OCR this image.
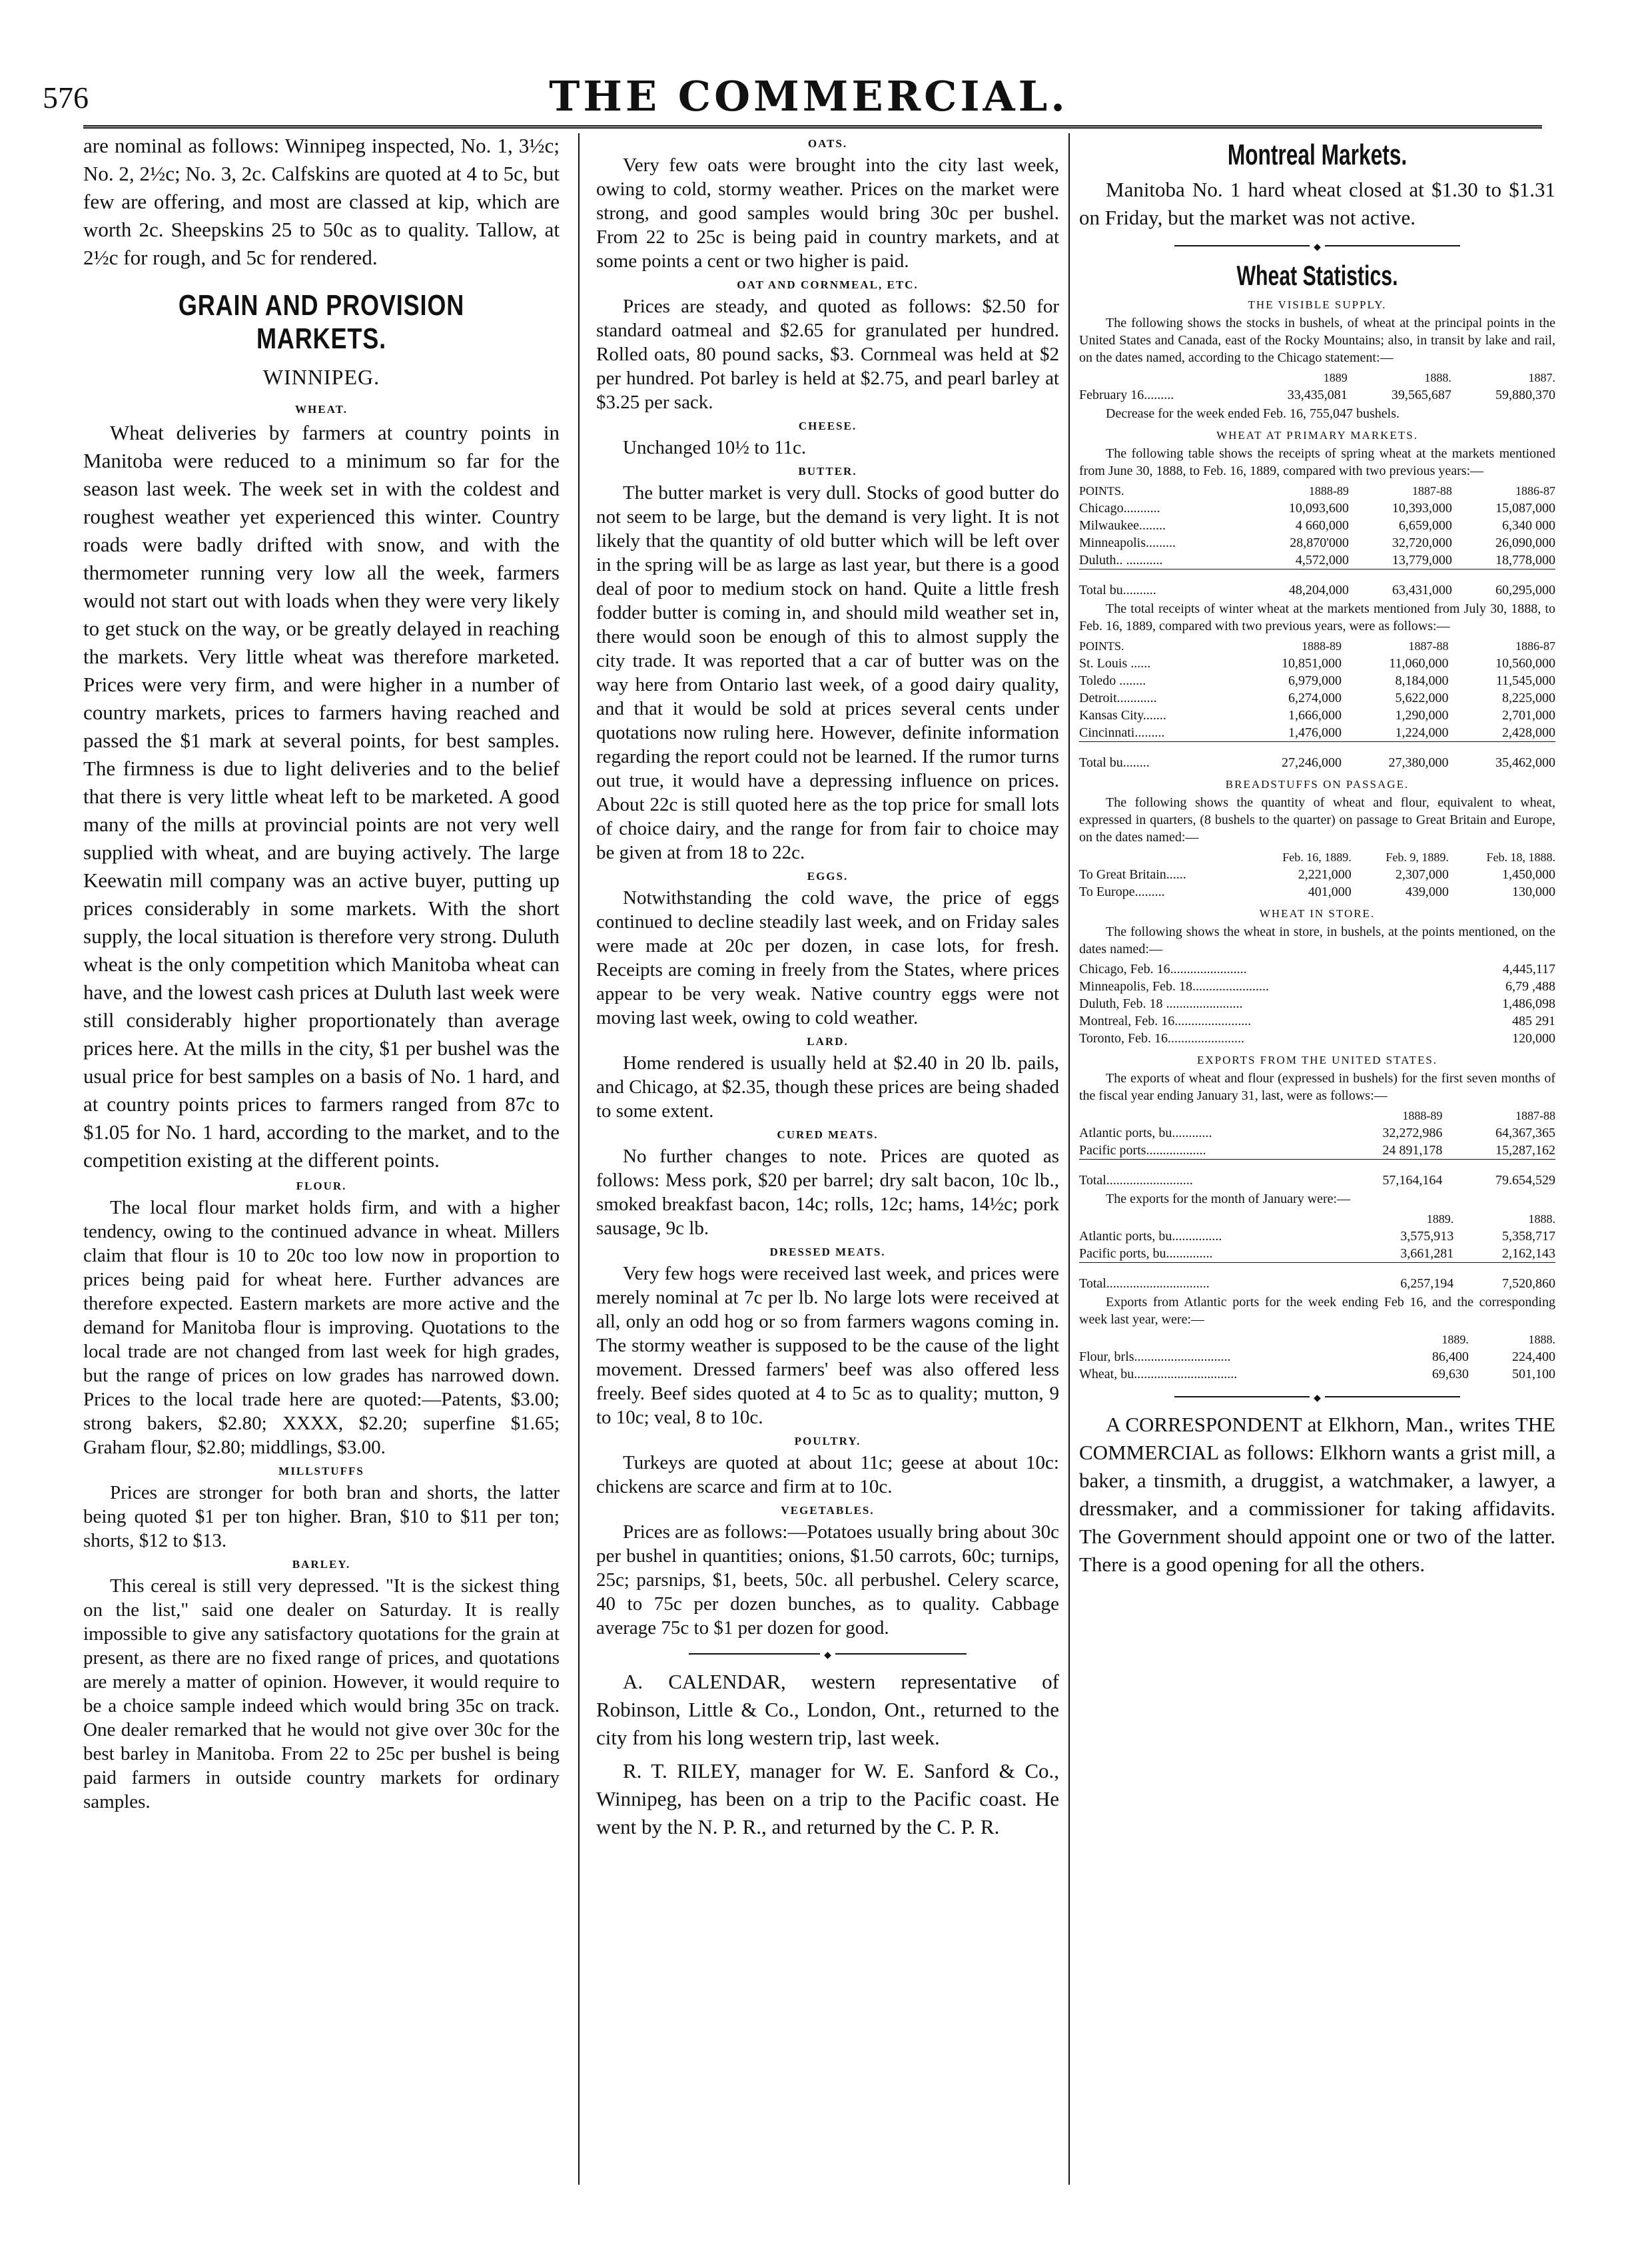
576	THE COMMERCIAL.

are nominal as follows: Winnipeg inspected, No. 1, 3½c; No. 2, 2½c; No. 3, 2c. Calfskins are quoted at 4 to 5c, but few are offering, and most are classed at kip, which are worth 2c. Sheepskins 25 to 50c as to quality. Tallow, at 2½c for rough, and 5c for rendered.

GRAIN AND PROVISION MARKETS.
WINNIPEG.
WHEAT.

Wheat deliveries by farmers at country points in Manitoba were reduced to a minimum so far for the season last week. The week set in with the coldest and roughest weather yet experienced this winter. Country roads were badly drifted with snow, and with the thermometer running very low all the week, farmers would not start out with loads when they were very likely to get stuck on the way, or be greatly delayed in reaching the markets. Very little wheat was therefore marketed. Prices were very firm, and were higher in a number of country markets, prices to farmers having reached and passed the $1 mark at several points, for best samples. The firmness is due to light deliveries and to the belief that there is very little wheat left to be marketed. A good many of the mills at provincial points are not very well supplied with wheat, and are buying actively. The large Keewatin mill company was an active buyer, putting up prices considerably in some markets. With the short supply, the local situation is therefore very strong. Duluth wheat is the only competition which Manitoba wheat can have, and the lowest cash prices at Duluth last week were still considerably higher proportionately than average prices here. At the mills in the city, $1 per bushel was the usual price for best samples on a basis of No. 1 hard, and at country points prices to farmers ranged from 87c to $1.05 for No. 1 hard, according to the market, and to the competition existing at the different points.

FLOUR.

The local flour market holds firm, and with a higher tendency, owing to the continued advance in wheat. Millers claim that flour is 10 to 20c too low now in proportion to prices being paid for wheat here. Further advances are therefore expected. Eastern markets are more active and the demand for Manitoba flour is improving. Quotations to the local trade are not changed from last week for high grades, but the range of prices on low grades has narrowed down. Prices to the local trade here are quoted:—Patents, $3.00; strong bakers, $2.80; XXXX, $2.20; superfine $1.65; Graham flour, $2.80; middlings, $3.00.

MILLSTUFFS

Prices are stronger for both bran and shorts, the latter being quoted $1 per ton higher. Bran, $10 to $11 per ton; shorts, $12 to $13.

BARLEY.

This cereal is still very depressed. "It is the sickest thing on the list," said one dealer on Saturday. It is really impossible to give any satisfactory quotations for the grain at present, as there are no fixed range of prices, and quotations are merely a matter of opinion. However, it would require to be a choice sample indeed which would bring 35c on track. One dealer remarked that he would not give over 30c for the best barley in Manitoba. From 22 to 25c per bushel is being paid farmers in outside country markets for ordinary samples.

OATS.

Very few oats were brought into the city last week, owing to cold, stormy weather. Prices on the market were strong, and good samples would bring 30c per bushel. From 22 to 25c is being paid in country markets, and at some points a cent or two higher is paid.

OAT AND CORNMEAL, ETC.

Prices are steady, and quoted as follows: $2.50 for standard oatmeal and $2.65 for granulated per hundred. Rolled oats, 80 pound sacks, $3. Cornmeal was held at $2 per hundred. Pot barley is held at $2.75, and pearl barley at $3.25 per sack.

CHEESE.

Unchanged 10½ to 11c.

BUTTER.

The butter market is very dull. Stocks of good butter do not seem to be large, but the demand is very light. It is not likely that the quantity of old butter which will be left over in the spring will be as large as last year, but there is a good deal of poor to medium stock on hand. Quite a little fresh fodder butter is coming in, and should mild weather set in, there would soon be enough of this to almost supply the city trade. It was reported that a car of butter was on the way here from Ontario last week, of a good dairy quality, and that it would be sold at prices several cents under quotations now ruling here. However, definite information regarding the report could not be learned. If the rumor turns out true, it would have a depressing influence on prices. About 22c is still quoted here as the top price for small lots of choice dairy, and the range for from fair to choice may be given at from 18 to 22c.

EGGS.

Notwithstanding the cold wave, the price of eggs continued to decline steadily last week, and on Friday sales were made at 20c per dozen, in case lots, for fresh. Receipts are coming in freely from the States, where prices appear to be very weak. Native country eggs were not moving last week, owing to cold weather.

LARD.

Home rendered is usually held at $2.40 in 20 lb. pails, and Chicago, at $2.35, though these prices are being shaded to some extent.

CURED MEATS.

No further changes to note. Prices are quoted as follows: Mess pork, $20 per barrel; dry salt bacon, 10c lb., smoked breakfast bacon, 14c; rolls, 12c; hams, 14½c; pork sausage, 9c lb.

DRESSED MEATS.

Very few hogs were received last week, and prices were merely nominal at 7c per lb. No large lots were received at all, only an odd hog or so from farmers wagons coming in. The stormy weather is supposed to be the cause of the light movement. Dressed farmers' beef was also offered less freely. Beef sides quoted at 4 to 5c as to quality; mutton, 9 to 10c; veal, 8 to 10c.

POULTRY.

Turkeys are quoted at about 11c; geese at about 10c: chickens are scarce and firm at to 10c.

VEGETABLES.

Prices are as follows:—Potatoes usually bring about 30c per bushel in quantities; onions, $1.50 carrots, 60c; turnips, 25c; parsnips, $1, beets, 50c. all perbushel. Celery scarce, 40 to 75c per dozen bunches, as to quality. Cabbage average 75c to $1 per dozen for good.

◆

A. CALENDAR, western representative of Robinson, Little & Co., London, Ont., returned to the city from his long western trip, last week.

R. T. RILEY, manager for W. E. Sanford & Co., Winnipeg, has been on a trip to the Pacific coast. He went by the N. P. R., and returned by the C. P. R.

Montreal Markets.

Manitoba No. 1 hard wheat closed at $1.30 to $1.31 on Friday, but the market was not active.

◆
Wheat Statistics.
THE VISIBLE SUPPLY.

The following shows the stocks in bushels, of wheat at the principal points in the United States and Canada, east of the Rocky Mountains; also, in transit by lake and rail, on the dates named, according to the Chicago statement:—

	1889	1888.	1887.
February 16.........	33,435,081	39,565,687	59,880,370

Decrease for the week ended Feb. 16, 755,047 bushels.

WHEAT AT PRIMARY MARKETS.

The following table shows the receipts of spring wheat at the markets mentioned from June 30, 1888, to Feb. 16, 1889, compared with two previous years:—

POINTS.	1888-89	1887-88	1886-87
Chicago...........	10,093,600	10,393,000	15,087,000
Milwaukee........	4 660,000	6,659,000	6,340 000
Minneapolis.........	28,870'000	32,720,000	26,090,000
Duluth.. ...........	4,572,000	13,779,000	18,778,000
Total bu..........	48,204,000	63,431,000	60,295,000

The total receipts of winter wheat at the markets mentioned from July 30, 1888, to Feb. 16, 1889, compared with two previous years, were as follows:—

POINTS.	1888-89	1887-88	1886-87
St. Louis ......	10,851,000	11,060,000	10,560,000
Toledo ........	6,979,000	8,184,000	11,545,000
Detroit............	6,274,000	5,622,000	8,225,000
Kansas City.......	1,666,000	1,290,000	2,701,000
Cincinnati.........	1,476,000	1,224,000	2,428,000
Total bu........	27,246,000	27,380,000	35,462,000
BREADSTUFFS ON PASSAGE.

The following shows the quantity of wheat and flour, equivalent to wheat, expressed in quarters, (8 bushels to the quarter) on passage to Great Britain and Europe, on the dates named:—

	Feb. 16, 1889.	Feb. 9, 1889.	Feb. 18, 1888.
To Great Britain......	2,221,000	2,307,000	1,450,000
To Europe.........	401,000	439,000	130,000
WHEAT IN STORE.

The following shows the wheat in store, in bushels, at the points mentioned, on the dates named:—

Chicago, Feb. 16.......................	4,445,117
Minneapolis, Feb. 18.......................	6,79 ,488
Duluth, Feb. 18 .......................	1,486,098
Montreal, Feb. 16.......................	485 291
Toronto, Feb. 16.......................	120,000
EXPORTS FROM THE UNITED STATES.

The exports of wheat and flour (expressed in bushels) for the first seven months of the fiscal year ending January 31, last, were as follows:—

	1888-89	1887-88
Atlantic ports, bu............	32,272,986	64,367,365
Pacific ports..................	24 891,178	15,287,162
Total..........................	57,164,164	79.654,529

The exports for the month of January were:—

	1889.	1888.
Atlantic ports, bu...............	3,575,913	5,358,717
Pacific ports, bu..............	3,661,281	2,162,143
Total...............................	6,257,194	7,520,860

Exports from Atlantic ports for the week ending Feb 16, and the corresponding week last year, were:—

	1889.	1888.
Flour, brls.............................	86,400	224,400
Wheat, bu...............................	69,630	501,100
◆

A CORRESPONDENT at Elkhorn, Man., writes THE COMMERCIAL as follows: Elkhorn wants a grist mill, a baker, a tinsmith, a druggist, a watchmaker, a lawyer, a dressmaker, and a commissioner for taking affidavits. The Government should appoint one or two of the latter. There is a good opening for all the others.
